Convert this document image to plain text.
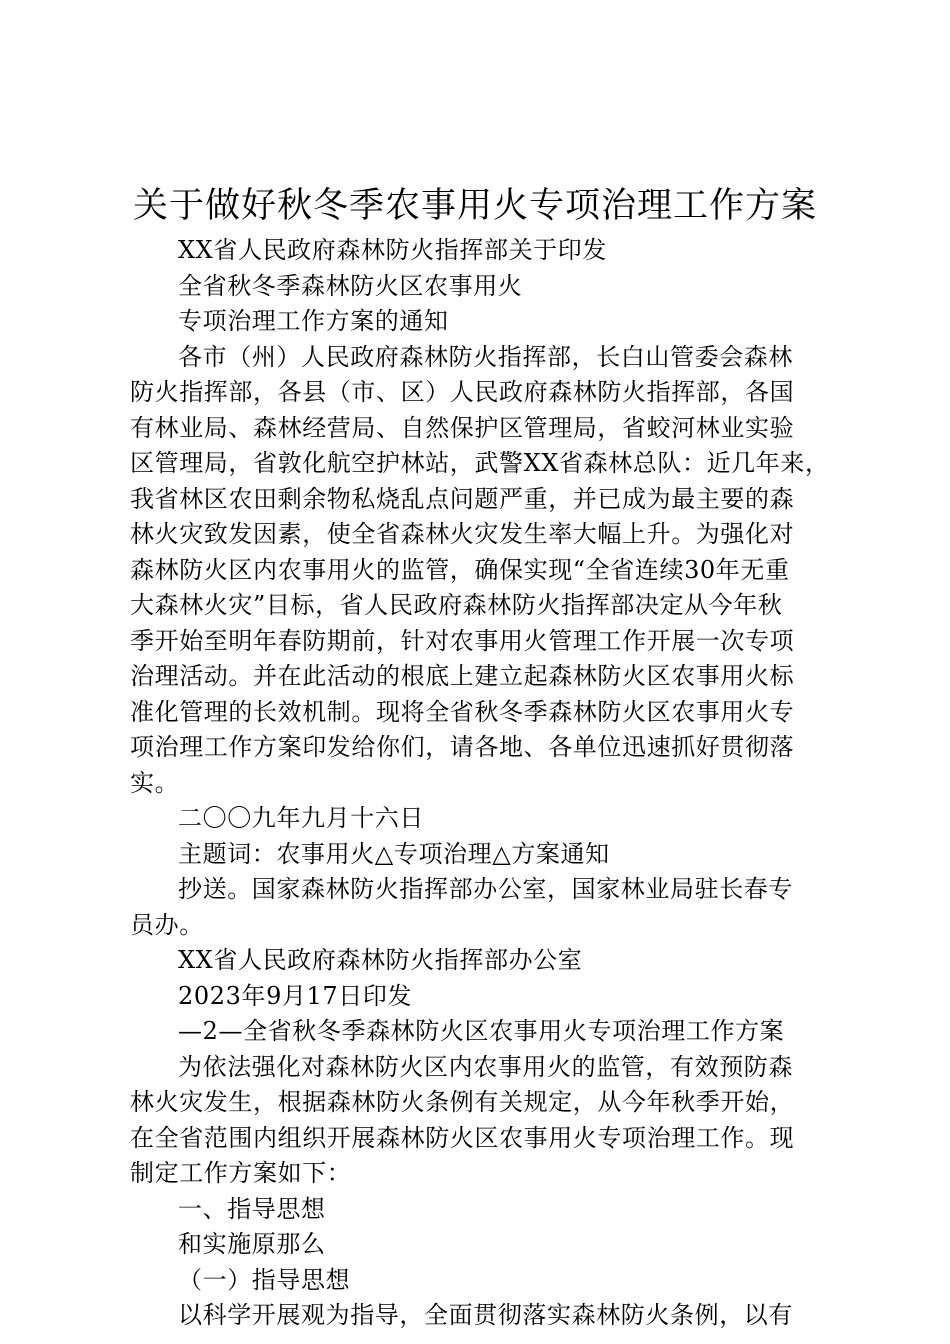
关于做好秋冬季农事用火专项治理工作方案

XX省人民政府森林防火指挥部关于印发

全省秋冬季森林防火区农事用火

专项治理工作方案的通知

各市（州）人民政府森林防火指挥部，长白山管委会森林

防火指挥部，各县（市、区）人民政府森林防火指挥部，各国

有林业局、森林经营局、自然保护区管理局，省蛟河林业实验

区管理局，省敦化航空护林站，武警XX省森林总队：近几年来，

我省林区农田剩余物私烧乱点问题严重，并已成为最主要的森

林火灾致发因素，使全省森林火灾发生率大幅上升。为强化对

森林防火区内农事用火的监管，确保实现“全省连续30年无重

大森林火灾”目标，省人民政府森林防火指挥部决定从今年秋

季开始至明年春防期前，针对农事用火管理工作开展一次专项

治理活动。并在此活动的根底上建立起森林防火区农事用火标

准化管理的长效机制。现将全省秋冬季森林防火区农事用火专

项治理工作方案印发给你们，请各地、各单位迅速抓好贯彻落

实。

二〇〇九年九月十六日

主题词：农事用火△专项治理△方案通知

抄送。国家森林防火指挥部办公室，国家林业局驻长春专

员办。

XX省人民政府森林防火指挥部办公室

2023年9月17日印发

—2—全省秋冬季森林防火区农事用火专项治理工作方案

为依法强化对森林防火区内农事用火的监管，有效预防森

林火灾发生，根据森林防火条例有关规定，从今年秋季开始，

在全省范围内组织开展森林防火区农事用火专项治理工作。现

制定工作方案如下：

一、指导思想

和实施原那么

（一）指导思想

以科学开展观为指导，全面贯彻落实森林防火条例，以有
